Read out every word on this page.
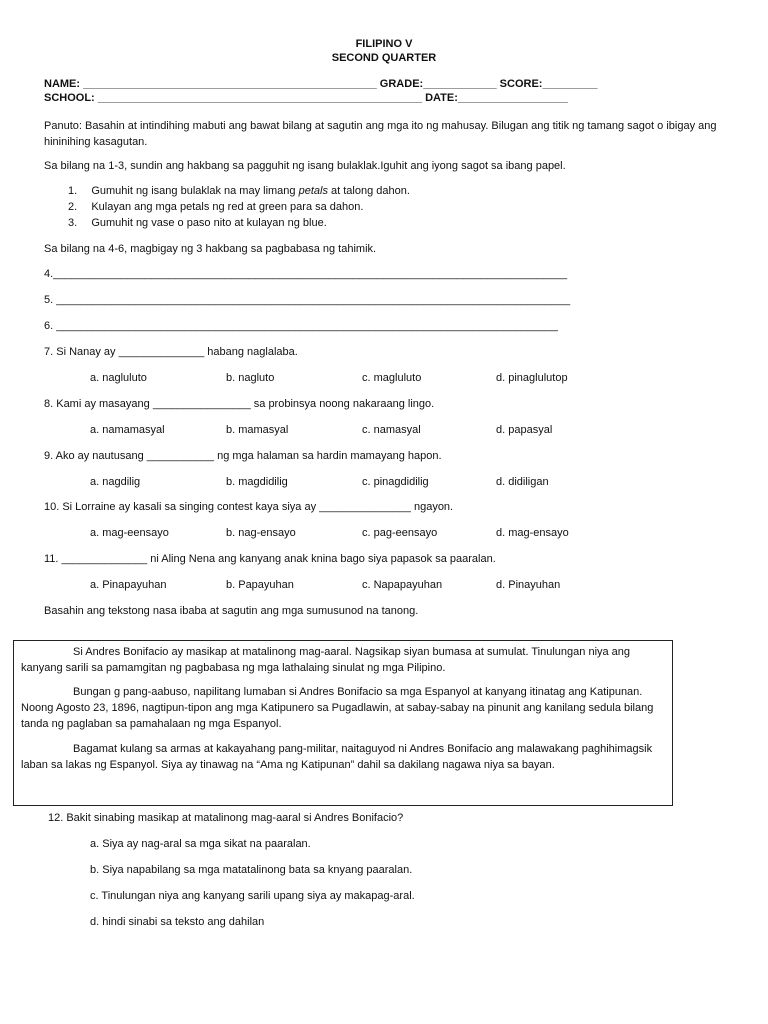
FILIPINO V
SECOND QUARTER
NAME: ________________________________________________ GRADE:____________ SCORE:_________
SCHOOL: _____________________________________________________ DATE:__________________
Panuto: Basahin at intindihing mabuti ang bawat bilang at sagutin ang mga ito ng mahusay. Bilugan ang titik ng tamang sagot o ibigay ang hininihing kasagutan.
Sa bilang na 1-3, sundin ang hakbang sa pagguhit ng isang bulaklak.Iguhit ang iyong sagot sa ibang papel.
1. Gumuhit ng isang bulaklak na may limang petals at talong dahon.
2. Kulayan ang mga petals ng red at green para sa dahon.
3. Gumuhit ng vase o paso nito at kulayan ng blue.
Sa bilang na 4-6, magbigay ng 3 hakbang sa pagbabasa ng tahimik.
4.____________________________________________________________________________________
5. ____________________________________________________________________________________
6. __________________________________________________________________________________
7. Si Nanay ay ______________ habang naglalaba.
a. nagluluto	b. nagluto	c. magluluto	d. pinaglulutop
8. Kami ay masayang ________________ sa probinsya noong nakaraang lingo.
a. namamasyal	b. mamasyal	c. namasyal	d. papasyal
9. Ako ay nautusang ___________ ng mga halaman sa hardin mamayang hapon.
a. nagdilig	b. magdidilig	c. pinagdidilig	d. didiligan
10. Si Lorraine ay kasali sa singing contest kaya siya ay _______________ ngayon.
a. mag-eensayo	b. nag-ensayo	c. pag-eensayo	d. mag-ensayo
11. ______________ ni Aling Nena ang kanyang anak knina bago siya papasok sa paaralan.
a. Pinapayuhan	b. Papayuhan	c. Napapayuhan	d. Pinayuhan
Basahin ang tekstong nasa ibaba at sagutin ang mga sumusunod na tanong.
Si Andres Bonifacio ay masikap at matalinong mag-aaral. Nagsikap siyan bumasa at sumulat. Tinulungan niya ang kanyang sarili sa pamamgitan ng pagbabasa ng mga lathalaing sinulat ng mga Pilipino.
Bungan g pang-aabuso, napilitang lumaban si Andres Bonifacio sa mga Espanyol at kanyang itinatag ang Katipunan. Noong Agosto 23, 1896, nagtipun-tipon ang mga Katipunero sa Pugadlawin, at sabay-sabay na pinunit ang kanilang sedula bilang tanda ng paglaban sa pamahalaan ng mga Espanyol.
Bagamat kulang sa armas at kakayahang pang-militar, naitaguyod ni Andres Bonifacio ang malawakang paghihimagsik laban sa lakas ng Espanyol. Siya ay tinawag na “Ama ng Katipunan” dahil sa dakilang nagawa niya sa bayan.
12. Bakit sinabing masikap at matalinong mag-aaral si Andres Bonifacio?
a. Siya ay nag-aral sa mga sikat na paaralan.
b. Siya napabilang sa mga matatalinong bata sa knyang paaralan.
c. Tinulungan niya ang kanyang sarili upang siya ay makapag-aral.
d. hindi sinabi sa teksto ang dahilan
